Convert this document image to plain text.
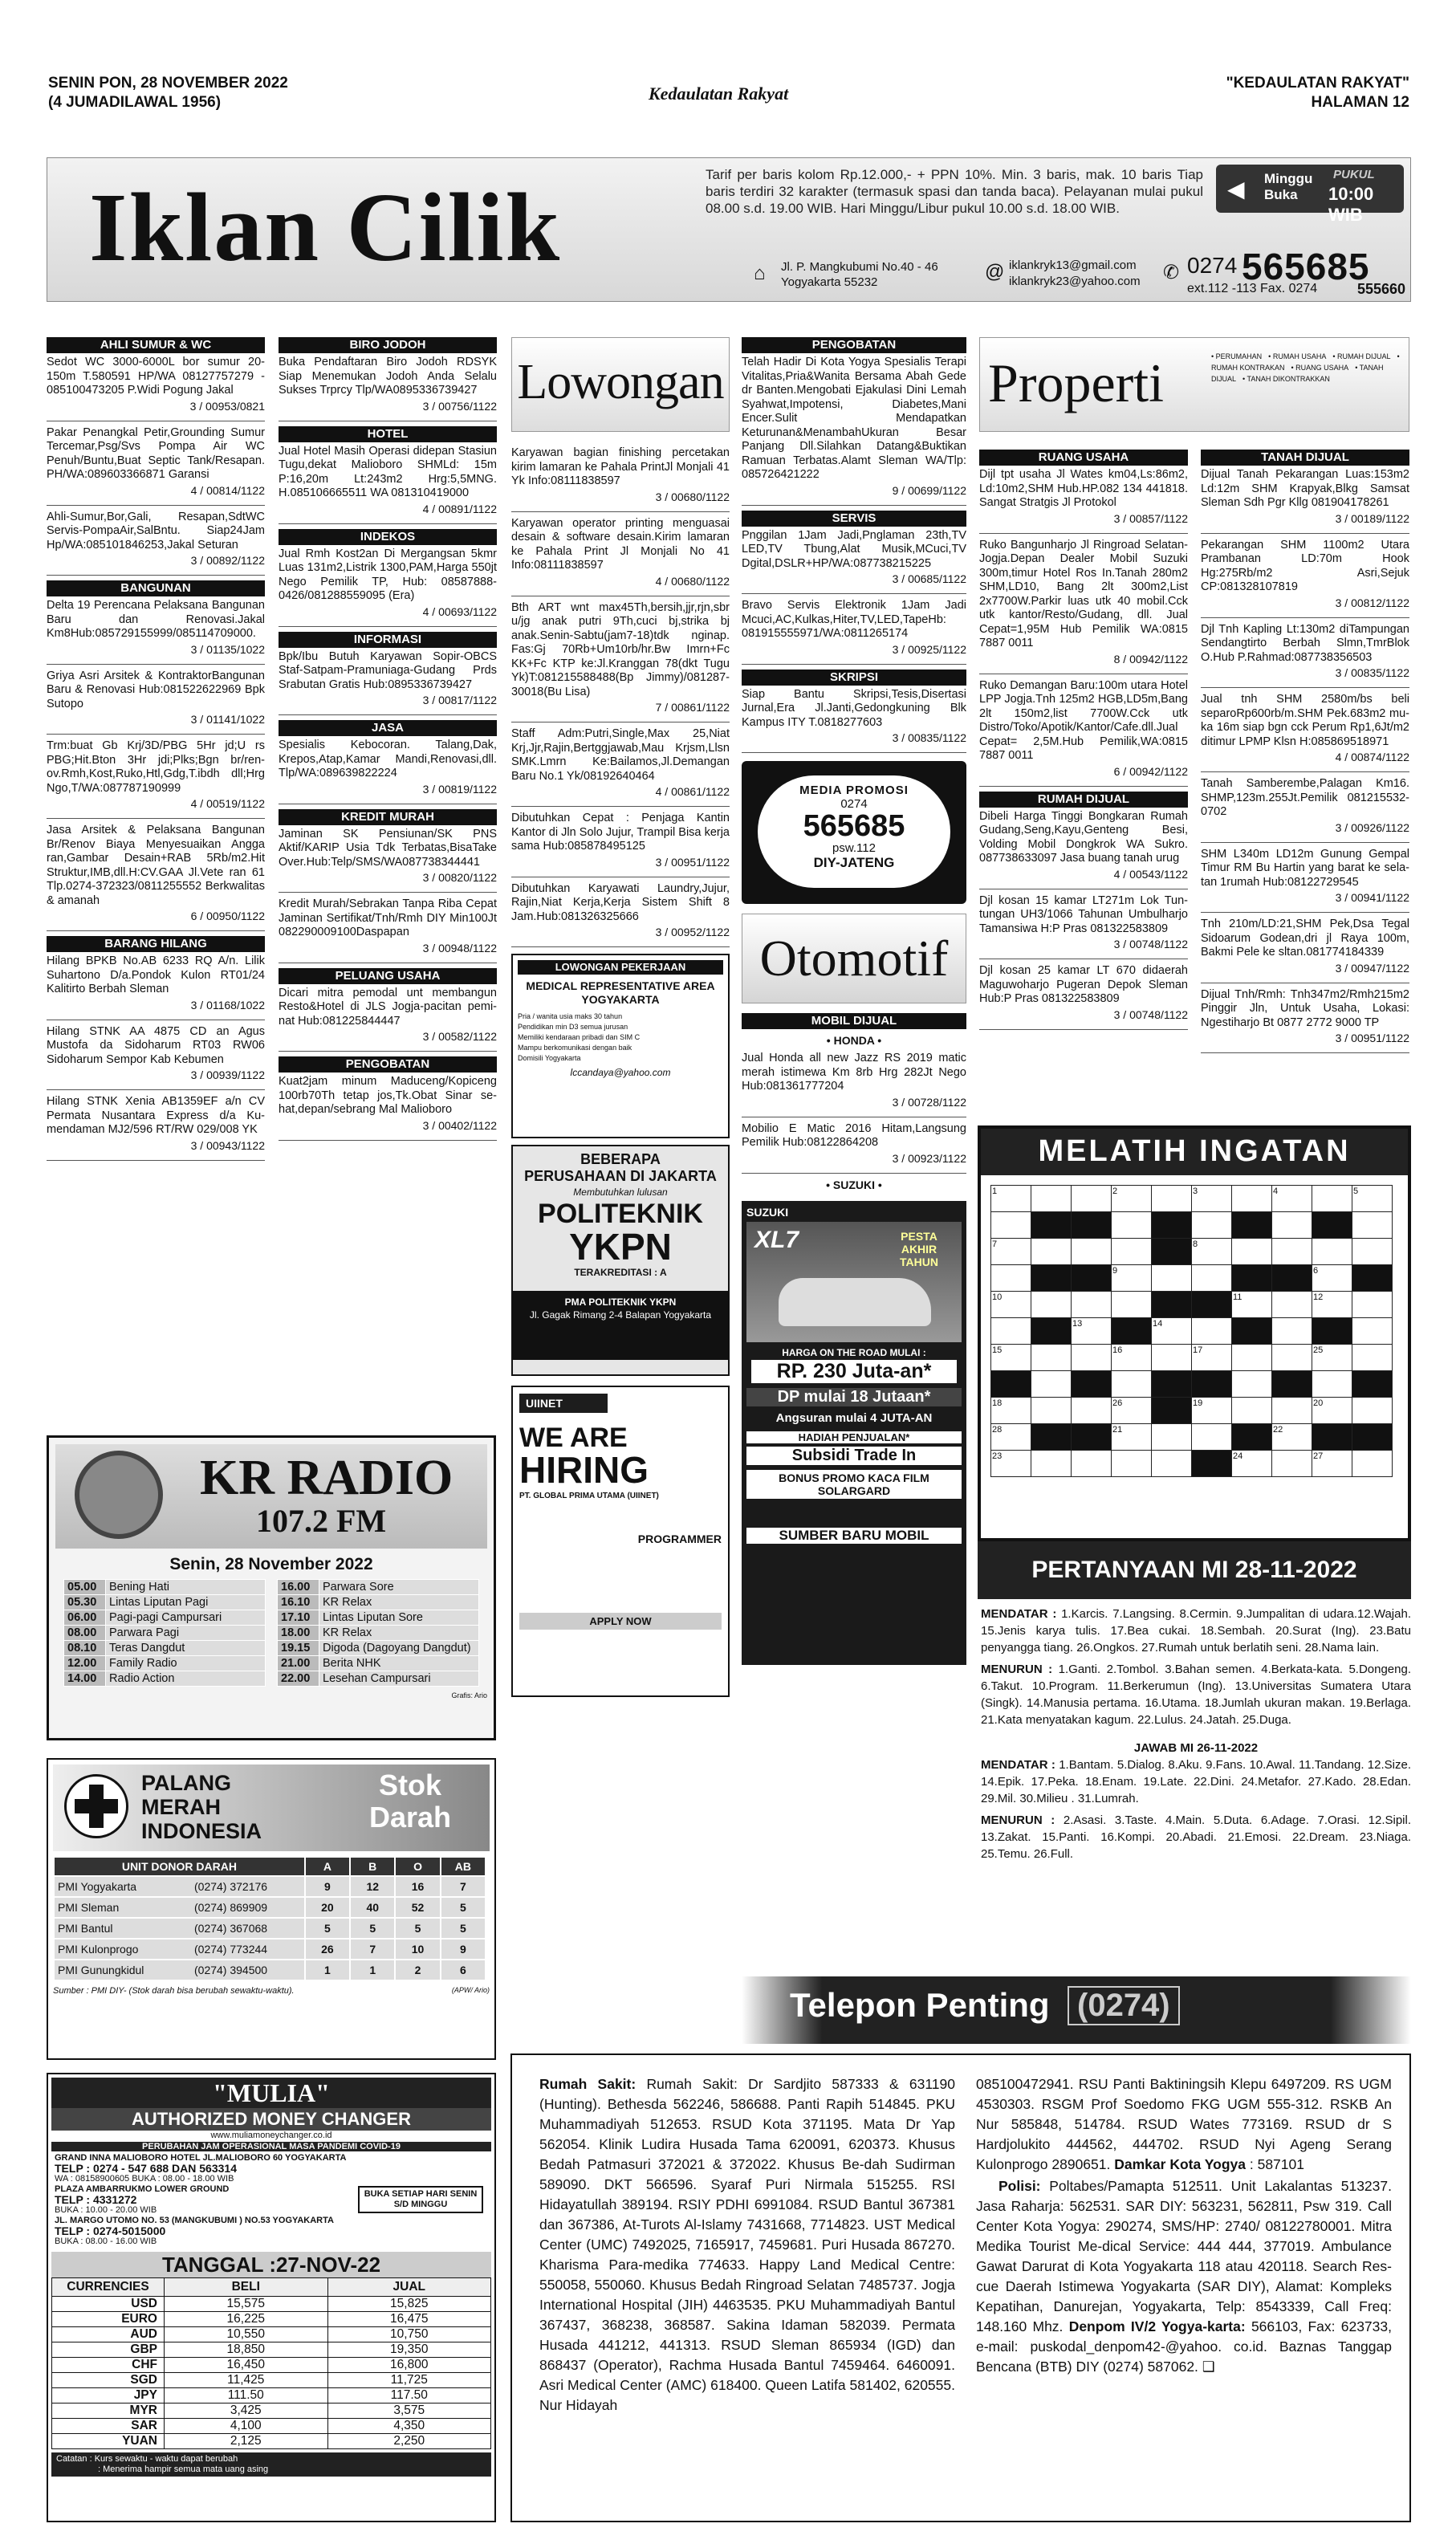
SENIN PON, 28 NOVEMBER 2022
(4 JUMADILAWAL 1956)	Kedaulatan Rakyat
"KEDAULATAN RAKYAT"
HALAMAN 12
Iklan Cilik	Tarif per baris kolom Rp.12.000,- + PPN 10%. Min. 3 baris, mak. 10 baris Tiap baris terdiri 32 karakter (termasuk spasi dan tanda baca). Pelayanan mulai pukul 08.00 s.d. 19.00 WIB. Hari Minggu/Libur pukul 10.00 s.d. 18.00 WIB.
◀ Minggu Buka
PUKUL
10:00 WIB
⌂ Jl. P. Mangkubumi No.40 - 46 Yogyakarta 55232	@ iklankryk13@gmail.com
iklankryk23@yahoo.com ✆ 0274 565685
ext.112 -113 Fax. 0274	555660
AHLI SUMUR & WC
Sedot WC 3000-6000L bor sumur 20-150m T.580591 HP/WA 08127757279 - 085100473205 P.Widi Pogung Jakal
3 / 00953/0821
Pakar Penangkal Petir,Grounding Sumur Tercemar,Psg/Svs Pompa Air WC Penuh/Buntu,Buat Septic Tank/Resapan. PH/WA:089603366871 Garansi
4 / 00814/1122
Ahli-Sumur,Bor,Gali, Resapan,SdtWC Servis-PompaAir,SalBntu. Siap24Jam Hp/WA:085101846253,Jakal Seturan
3 / 00892/1122
BANGUNAN
Delta 19 Perencana Pelaksana Bangunan Baru dan Renovasi.Jakal Km8Hub:085729155999/085114709000.
3 / 01135/1022
Griya Asri Arsitek & KontraktorBangunan Baru & Renovasi Hub:081522622969 Bpk Sutopo
3 / 01141/1022
Trm:buat Gb Krj/3D/PBG 5Hr jd;U rs PBG;Hit.Bton 3Hr jdi;Plks;Bgn br/ren-ov.Rmh,Kost,Ruko,Htl,Gdg,T.ibdh dll;Hrg Ngo,T/WA:087787190999
4 / 00519/1122
Jasa Arsitek & Pelaksana Bangunan Br/Renov Biaya Menyesuaikan Angga ran,Gambar Desain+RAB 5Rb/m2.Hit Struktur,IMB,dll.H:CV.GAA Jl.Vete ran 61 Tlp.0274-372323/0811255552 Berkwalitas & amanah
6 / 00950/1122
BARANG HILANG
Hilang BPKB No.AB 6233 RQ A/n. Lilik Suhartono D/a.Pondok Kulon RT01/24 Kalitirto Berbah Sleman
3 / 01168/1022
Hilang STNK AA 4875 CD an Agus Mustofa da Sidoharum RT03 RW06 Sidoharum Sempor Kab Kebumen
3 / 00939/1122
Hilang STNK Xenia AB1359EF a/n CV Permata Nusantara Express d/a Ku-mendaman MJ2/596 RT/RW 029/008 YK
3 / 00943/1122
BIRO JODOH
Buka Pendaftaran Biro Jodoh RDSYK Siap Menemukan Jodoh Anda Selalu Sukses Trprcy Tlp/WA0895336739427
3 / 00756/1122
HOTEL
Jual Hotel Masih Operasi didepan Stasiun Tugu,dekat Malioboro SHMLd: 15m P:16,20m Lt:243m2 Hrg:5,5MNG. H.085106665511 WA 081310419000
4 / 00891/1122
INDEKOS
Jual Rmh Kost2an Di Mergangsan 5kmr Luas 131m2,Listrik 1300,PAM,Harga 550jt Nego Pemilik TP, Hub: 08587888-0426/081288559095 (Era)
4 / 00693/1122
INFORMASI
Bpk/Ibu Butuh Karyawan Sopir-OBCS Staf-Satpam-Pramuniaga-Gudang Prds Srabutan Gratis Hub:0895336739427
3 / 00817/1122
JASA
Spesialis Kebocoran. Talang,Dak, Krepos,Atap,Kamar Mandi,Renovasi,dll. Tlp/WA:089639822224
3 / 00819/1122
KREDIT MURAH
Jaminan SK Pensiunan/SK PNS Aktif/KARIP Usia Tdk Terbatas,BisaTake Over.Hub:Telp/SMS/WA087738344441
3 / 00820/1122
Kredit Murah/Sebrakan Tanpa Riba Cepat Jaminan Sertifikat/Tnh/Rmh DIY Min100Jt 082290009100Daspapan
3 / 00948/1122
PELUANG USAHA
Dicari mitra pemodal unt membangun Resto&Hotel di JLS Jogja-pacitan pemi-nat Hub:081225844447
3 / 00582/1122
PENGOBATAN
Kuat2jam minum Maduceng/Kopiceng 100rb70Th tetap jos,Tk.Obat Sinar se-hat,depan/sebrang Mal Malioboro
3 / 00402/1122
Lowongan
Karyawan bagian finishing percetakan kirim lamaran ke Pahala PrintJl Monjali 41 Yk Info:08111838597
3 / 00680/1122
Karyawan operator printing menguasai desain & software desain.Kirim lamaran ke Pahala Print Jl Monjali No 41 Info:08111838597
4 / 00680/1122
Bth ART wnt max45Th,bersih,jjr,rjn,sbr u/jg anak putri 9Th,cuci bj,strika bj anak.Senin-Sabtu(jam7-18)tdk nginap. Fas:Gj 70Rb+Um10rb/hr.Bw Imrn+Fc KK+Fc KTP ke:Jl.Kranggan 78(dkt Tugu Yk)T:081215588488(Bp Jimmy)/081287-30018(Bu Lisa)
7 / 00861/1122
Staff Adm:Putri,Single,Max 25,Niat Krj,Jjr,Rajin,Bertggjawab,Mau Krjsm,Llsn SMK.Lmrn Ke:Bailamos,Jl.Demangan Baru No.1 Yk/08192640464
4 / 00861/1122
Dibutuhkan Cepat : Penjaga Kantin Kantor di Jln Solo Jujur, Trampil Bisa kerja sama Hub:085878495125
3 / 00951/1122
Dibutuhkan Karyawati Laundry,Jujur, Rajin,Niat Kerja,Kerja Sistem Shift 8 Jam.Hub:081326325666
3 / 00952/1122
LOWONGAN PEKERJAAN
MEDICAL REPRESENTATIVE AREA YOGYAKARTA
Pria / wanita usia maks 30 tahun
Pendidikan min D3 semua jurusan
Memiliki kendaraan pribadi dan SIM C
Mampu berkomunikasi dengan baik
Domisili Yogyakarta
lccandaya@yahoo.com
BEBERAPA
PERUSAHAAN DI JAKARTA
Membutuhkan lulusan
POLITEKNIK
YKPN
TERAKREDITASI : A
PMA POLITEKNIK YKPN
Jl. Gagak Rimang 2-4 Balapan Yogyakarta
UIINET
WE ARE
HIRING
PT. GLOBAL PRIMA UTAMA (UIINET)
PROGRAMMER
APPLY NOW
PENGOBATAN
Telah Hadir Di Kota Yogya Spesialis Terapi Vitalitas,Pria&Wanita Bersama Abah Gede dr Banten.Mengobati Ejakulasi Dini Lemah Syahwat,Impotensi, Diabetes,Mani Encer.Sulit Mendapatkan Keturunan&MenambahUkuran Besar Panjang Dll.Silahkan Datang&Buktikan Ramuan Terbatas.Alamt Sleman WA/Tlp: 085726421222
9 / 00699/1122
SERVIS
Pnggilan 1Jam Jadi,Pnglaman 23th,TV LED,TV Tbung,Alat Musik,MCuci,TV Dgital,DSLR+HP/WA:087738215225
3 / 00685/1122
Bravo Servis Elektronik 1Jam Jadi Mcuci,AC,Kulkas,Hiter,TV,LED,TapeHb: 081915555971/WA:0811265174
3 / 00925/1122
SKRIPSI
Siap Bantu Skripsi,Tesis,Disertasi Jurnal,Era Jl.Janti,Gedongkuning Blk Kampus ITY T.0818277603
3 / 00835/1122
MEDIA PROMOSI
0274
565685
psw.112
DIY-JATENG
Otomotif
MOBIL DIJUAL
• HONDA •
Jual Honda all new Jazz RS 2019 matic merah istimewa Km 8rb Hrg 282Jt Nego Hub:081361777204
3 / 00728/1122
Mobilio E Matic 2016 Hitam,Langsung Pemilik Hub:08122864208
3 / 00923/1122
• SUZUKI •
SUZUKI
XL7	PESTA AKHIR TAHUN
HARGA ON THE ROAD MULAI :
RP. 230 Juta-an*
DP mulai 18 Jutaan*
Angsuran mulai 4 JUTA-AN
HADIAH PENJUALAN*
Subsidi Trade In
BONUS PROMO KACA FILM SOLARGARD
SUMBER BARU MOBIL
Properti	• PERUMAHAN • RUMAH USAHA • RUMAH DIJUAL • RUMAH KONTRAKAN • RUANG USAHA • TANAH DIJUAL • TANAH DIKONTRAKKAN
RUANG USAHA
Dijl tpt usaha Jl Wates km04,Ls:86m2, Ld:10m2,SHM Hub.HP.082 134 441818. Sangat Stratgis Jl Protokol
3 / 00857/1122
Ruko Bangunharjo Jl Ringroad Selatan-Jogja.Depan Dealer Mobil Suzuki 300m,timur Hotel Ros In.Tanah 280m2 SHM,LD10, Bang 2lt 300m2,List 2x7700W.Parkir luas utk 40 mobil.Cck utk kantor/Resto/Gudang, dll. Jual Cepat=1,95M Hub Pemilik WA:0815 7887 0011
8 / 00942/1122
Ruko Demangan Baru:100m utara Hotel LPP Jogja.Tnh 125m2 HGB,LD5m,Bang 2lt 150m2,list 7700W.Cck utk Distro/Toko/Apotik/Kantor/Cafe.dll.Jual Cepat= 2,5M.Hub Pemilik,WA:0815 7887 0011
6 / 00942/1122
RUMAH DIJUAL
Dibeli Harga Tinggi Bongkaran Rumah Gudang,Seng,Kayu,Genteng Besi, Volding Mobil Dongkrok WA Sukro. 087738633097 Jasa buang tanah urug
4 / 00543/1122
Djl kosan 15 kamar LT271m Lok Tun-tungan UH3/1066 Tahunan Umbulharjo Tamansiwa H:P Pras 081322583809
3 / 00748/1122
Djl kosan 25 kamar LT 670 didaerah Maguwoharjo Pugeran Depok Sleman Hub:P Pras 081322583809
3 / 00748/1122
TANAH DIJUAL
Dijual Tanah Pekarangan Luas:153m2 Ld:12m SHM Krapyak,Blkg Samsat Sleman Sdh Pgr Kllg 081904178261
3 / 00189/1122
Pekarangan SHM 1100m2 Utara Prambanan LD:70m Hook Hg:275Rb/m2 Asri,Sejuk CP:081328107819
3 / 00812/1122
Djl Tnh Kapling Lt:130m2 diTampungan Sendangtirto Berbah Slmn,TmrBlok O.Hub P.Rahmad:087738356503
3 / 00835/1122
Jual tnh SHM 2580m/bs beli separoRp600rb/m.SHM Pek.683m2 mu-ka 16m siap bgn cck Perum Rp1,6Jt/m2 ditimur LPMP Klsn H:085869518971
4 / 00874/1122
Tanah Samberembe,Palagan Km16. SHMP,123m.255Jt.Pemilik 081215532-0702
3 / 00926/1122
SHM L340m LD12m Gunung Gempal Timur RM Bu Hartin yang barat ke sela-tan 1rumah Hub:08122729545
3 / 00941/1122
Tnh 210m/LD:21,SHM Pek,Dsa Tegal Sidoarum Godean,dri jl Raya 100m, Bakmi Pele ke sltan.081774184339
3 / 00947/1122
Dijual Tnh/Rmh: Tnh347m2/Rmh215m2 Pinggir Jln, Untuk Usaha, Lokasi: Ngestiharjo Bt 0877 2772 9000 TP
3 / 00951/1122
MELATIH INGATAN
1			2		3		4		5

7					8				
			9					6	
10						11		12	
		13		14					
15			16		17			25	

18			26		19			20	
28			21				22		
23						24		27	
PERTANYAAN MI 28-11-2022

MENDATAR : 1.Karcis. 7.Langsing. 8.Cermin. 9.Jumpalitan di udara.12.Wajah. 15.Jenis karya tulis. 17.Bea cukai. 18.Sembah. 20.Surat (Ing). 23.Batu penyangga tiang. 26.Ongkos. 27.Rumah untuk berlatih seni. 28.Nama lain.

MENURUN : 1.Ganti. 2.Tombol. 3.Bahan semen. 4.Berkata-kata. 5.Dongeng. 6.Takut. 10.Program. 11.Berkerumun (Ing). 13.Universitas Sumatera Utara (Singk). 14.Manusia pertama. 16.Utama. 18.Jumlah ukuran makan. 19.Berlaga. 21.Kata menyatakan kagum. 22.Lulus. 24.Jatah. 25.Duga.

JAWAB MI 26-11-2022

MENDATAR : 1.Bantam. 5.Dialog. 8.Aku. 9.Fans. 10.Awal. 11.Tandang. 12.Size. 14.Epik. 17.Peka. 18.Enam. 19.Late. 22.Dini. 24.Metafor. 27.Kado. 28.Edan. 29.Mil. 30.Milieu . 31.Lumrah.

MENURUN : 2.Asasi. 3.Taste. 4.Main. 5.Duta. 6.Adage. 7.Orasi. 12.Sipil. 13.Zakat. 15.Panti. 16.Kompi. 20.Abadi. 21.Emosi. 22.Dream. 23.Niaga. 25.Temu. 26.Full.

KR RADIO
107.2 FM
Senin, 28 November 2022
05.00	Bening Hati
05.30	Lintas Liputan Pagi
06.00	Pagi-pagi Campursari
08.00	Parwara Pagi
08.10	Teras Dangdut
12.00	Family Radio
14.00	Radio Action
16.00	Parwara Sore
16.10	KR Relax
17.10	Lintas Liputan Sore
18.00	KR Relax
19.15	Digoda (Dagoyang Dangdut)
21.00	Berita NHK
22.00	Lesehan Campursari
Grafis: Ario
PALANG
MERAH
INDONESIA
Stok Darah
UNIT DONOR DARAH	A	B	O	AB
PMI Yogyakarta (0274) 372176	9	12	16	7
PMI Sleman (0274) 869909	20	40	52	5
PMI Bantul (0274) 367068	5	5	5	5
PMI Kulonprogo (0274) 773244	26	7	10	9
PMI Gunungkidul (0274) 394500	1	1	2	6
Sumber : PMI DIY- (Stok darah bisa berubah sewaktu-waktu).	(APW/ Ario)
"MULIA"
AUTHORIZED MONEY CHANGER
www.muliamoneychanger.co.id
PERUBAHAN JAM OPERASIONAL MASA PANDEMI COVID-19
GRAND INNA MALIOBORO HOTEL JL.MALIOBORO 60 YOGYAKARTA
TELP : 0274 - 547 688 DAN 563314
WA : 08158900605 BUKA : 08.00 - 18.00 WIB
PLAZA AMBARRUKMO LOWER GROUND
TELP : 4331272
BUKA : 10.00 - 20.00 WIB
BUKA SETIAP HARI SENIN S/D MINGGU
JL. MARGO UTOMO NO. 53 (MANGKUBUMI ) NO.53 YOGYAKARTA
TELP : 0274-5015000
BUKA : 08.00 - 16.00 WIB
TANGGAL :27-NOV-22
CURRENCIES	BELI	JUAL
USD	15,575	15,825
EURO	16,225	16,475
AUD	10,550	10,750
GBP	18,850	19,350
CHF	16,450	16,800
SGD	11,425	11,725
JPY	111.50	117.50
MYR	3,425	3,575
SAR	4,100	4,350
YUAN	2,125	2,250
Catatan : Kurs sewaktu - waktu dapat berubah
: Menerima hampir semua mata uang asing
Telepon Penting (0274)

Rumah Sakit: Rumah Sakit: Dr Sardjito 587333 & 631190 (Hunting). Bethesda 562246, 586688. Panti Rapih 514845. PKU Muhammadiyah 512653. RSUD Kota 371195. Mata Dr Yap 562054. Klinik Ludira Husada Tama 620091, 620373. Khusus Bedah Patmasuri 372021 & 372022. Khusus Be-dah Sudirman 589090. DKT 566596. Syaraf Puri Nirmala 515255. RSI Hidayatullah 389194. RSIY PDHI 6991084. RSUD Bantul 367381 dan 367386, At-Turots Al-Islamy 7431668, 7714823. UST Medical Center (UMC) 7492025, 7165917, 7459681. Puri Husada 867270. Kharisma Para-medika 774633. Happy Land Medical Centre: 550058, 550060. Khusus Bedah Ringroad Selatan 7485737. Jogja International Hospital (JIH) 4463535. PKU Muhammadiyah Bantul 367437, 368238, 368587. Sakina Idaman 582039. Permata Husada 441212, 441313. RSUD Sleman 865934 (IGD) dan 868437 (Operator), Rachma Husada Bantul 7459464. 6460091. Asri Medical Center (AMC) 618400. Queen Latifa 581402, 620555. Nur Hidayah

085100472941. RSU Panti Baktiningsih Klepu 6497209. RS UGM 4530303. RSGM Prof Soedomo FKG UGM 555-312. RSKB An Nur 585848, 514784. RSUD Wates 773169. RSUD dr S Hardjolukito 444562, 444702. RSUD Nyi Ageng Serang Kulonprogo 2890651. Damkar Kota Yogya : 587101

Polisi: Poltabes/Pamapta 512511. Unit Lakalantas 513237. Jasa Raharja: 562531. SAR DIY: 563231, 562811, Psw 319. Call Center Kota Yogya: 290274, SMS/HP: 2740/ 08122780001. Mitra Medika Tourist Me-dical Service: 444 444, 377019. Ambulance Gawat Darurat di Kota Yogyakarta 118 atau 420118. Search Res-cue Daerah Istimewa Yogyakarta (SAR DIY), Alamat: Kompleks Kepatihan, Danurejan, Yogyakarta, Telp: 8543339, Call Freq: 148.160 Mhz. Denpom IV/2 Yogya-karta: 566103, Fax: 623733, e-mail: puskodal_denpom42-@yahoo. co.id. Baznas Tanggap Bencana (BTB) DIY (0274) 587062. ❑
